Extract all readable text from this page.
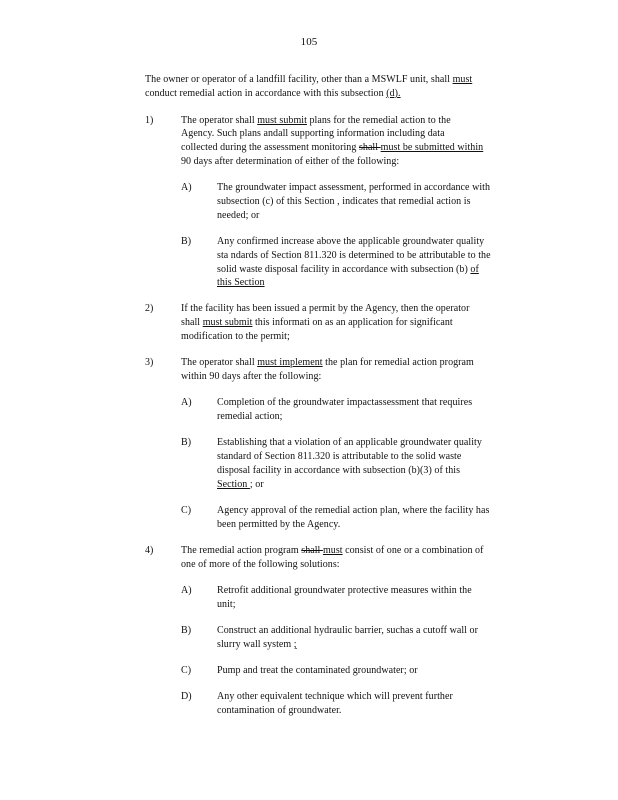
105
The owner or operator of a landfill facility, other than a MSWLF unit, shall must
conduct remedial action in accordance with this subsection (d).
1)	The operator shall must submit plans for the remedial action to the
Agency. Such plans andall supporting information including data
collected during the assessment monitoring shall must be submitted within
90 days after determination of either of the following:
A)	The groundwater impact assessment, performed in accordance with
subsection (c) of this Section , indicates that remedial action is
needed; or
B)	Any confirmed increase above the applicable groundwater quality
sta ndards of Section 811.320 is determined to be attributable to the
solid waste disposal facility in accordance with subsection (b) of
this Section
2)	If the facility has been issued a permit by the Agency, then the operator
shall must submit this informati on as an application for significant
modification to the permit;
3)	The operator shall must implement the plan for remedial action program
within 90 days after the following:
A)	Completion of the groundwater impactassessment that requires
remedial action;
B)	Establishing that a violation of an applicable groundwater quality
standard of Section 811.320 is attributable to the solid waste
disposal facility in accordance with subsection (b)(3) of this
Section ; or
C)	Agency approval of the remedial action plan, where the facility has
been permitted by the Agency.
4)	The remedial action program shall must consist of one or a combination of
one of more of the following solutions:
A)	Retrofit additional groundwater protective measures within the
unit;
B)	Construct an additional hydraulic barrier, suchas a cutoff wall or
slurry wall system ;
C)	Pump and treat the contaminated groundwater; or
D)	Any other equivalent technique which will prevent further
contamination of groundwater.
